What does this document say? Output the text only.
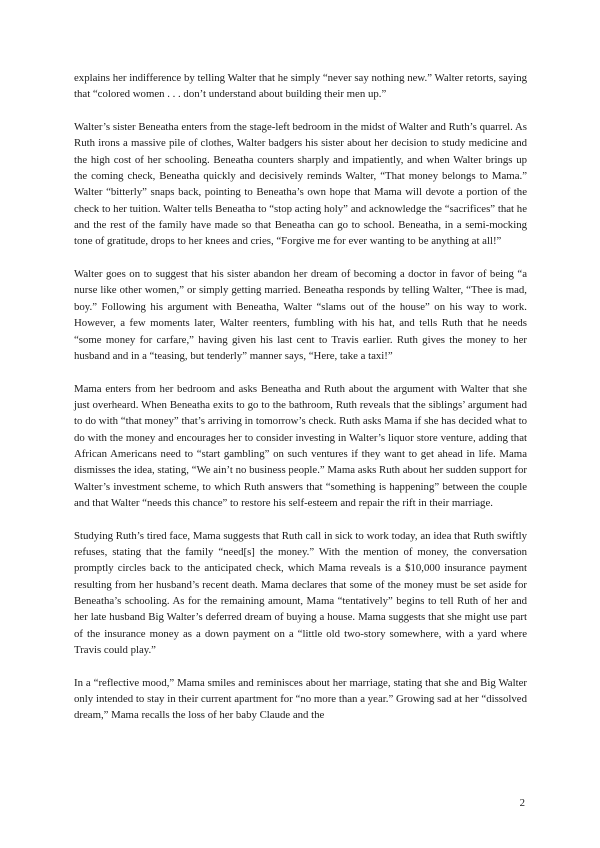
explains her indifference by telling Walter that he simply “never say nothing new.” Walter retorts, saying that “colored women . . . don’t understand about building their men up.”

Walter’s sister Beneatha enters from the stage-left bedroom in the midst of Walter and Ruth’s quarrel. As Ruth irons a massive pile of clothes, Walter badgers his sister about her decision to study medicine and the high cost of her schooling. Beneatha counters sharply and impatiently, and when Walter brings up the coming check, Beneatha quickly and decisively reminds Walter, “That money belongs to Mama.” Walter “bitterly” snaps back, pointing to Beneatha’s own hope that Mama will devote a portion of the check to her tuition. Walter tells Beneatha to “stop acting holy” and acknowledge the “sacrifices” that he and the rest of the family have made so that Beneatha can go to school. Beneatha, in a semi-mocking tone of gratitude, drops to her knees and cries, “Forgive me for ever wanting to be anything at all!”

Walter goes on to suggest that his sister abandon her dream of becoming a doctor in favor of being “a nurse like other women,” or simply getting married. Beneatha responds by telling Walter, “Thee is mad, boy.” Following his argument with Beneatha, Walter “slams out of the house” on his way to work. However, a few moments later, Walter reenters, fumbling with his hat, and tells Ruth that he needs “some money for carfare,” having given his last cent to Travis earlier. Ruth gives the money to her husband and in a “teasing, but tenderly” manner says, “Here, take a taxi!”

Mama enters from her bedroom and asks Beneatha and Ruth about the argument with Walter that she just overheard. When Beneatha exits to go to the bathroom, Ruth reveals that the siblings’ argument had to do with “that money” that’s arriving in tomorrow’s check. Ruth asks Mama if she has decided what to do with the money and encourages her to consider investing in Walter’s liquor store venture, adding that African Americans need to “start gambling” on such ventures if they want to get ahead in life. Mama dismisses the idea, stating, “We ain’t no business people.” Mama asks Ruth about her sudden support for Walter’s investment scheme, to which Ruth answers that “something is happening” between the couple and that Walter “needs this chance” to restore his self-esteem and repair the rift in their marriage.

Studying Ruth’s tired face, Mama suggests that Ruth call in sick to work today, an idea that Ruth swiftly refuses, stating that the family “need[s] the money.” With the mention of money, the conversation promptly circles back to the anticipated check, which Mama reveals is a $10,000 insurance payment resulting from her husband’s recent death. Mama declares that some of the money must be set aside for Beneatha’s schooling. As for the remaining amount, Mama “tentatively” begins to tell Ruth of her and her late husband Big Walter’s deferred dream of buying a house. Mama suggests that she might use part of the insurance money as a down payment on a “little old two-story somewhere, with a yard where Travis could play.”

In a “reflective mood,” Mama smiles and reminisces about her marriage, stating that she and Big Walter only intended to stay in their current apartment for “no more than a year.” Growing sad at her “dissolved dream,” Mama recalls the loss of her baby Claude and the

2
